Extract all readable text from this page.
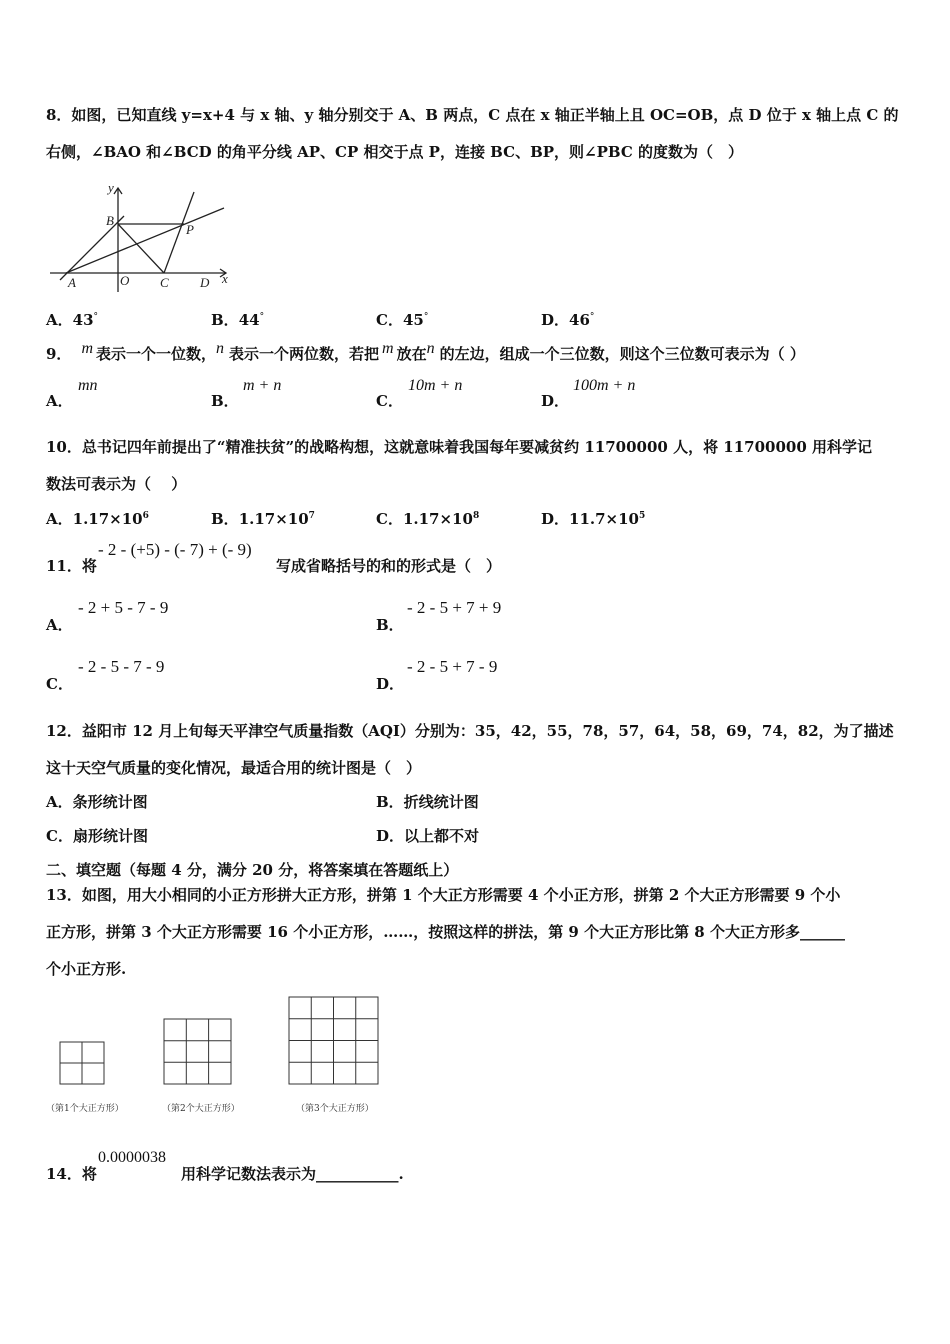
8．如图，已知直线 y=x+4 与 x 轴、y 轴分别交于 A、B 两点，C 点在 x 轴正半轴上且 OC=OB，点 D 位于 x 轴上点 C 的
右侧，∠BAO 和∠BCD 的角平分线 AP、CP 相交于点 P，连接 BC、BP，则∠PBC 的度数为（　）
y
x
A
B
O C D
P
A．43°	B．44°	C．45°	D．46°
9． m 表示一个一位数，n 表示一个两位数，若把 m 放在n 的左边，组成一个三位数，则这个三位数可表示为（ ）
A．
mn
B．
m + n
C．
10m + n
D．
100m + n
10．总书记四年前提出了“精准扶贫”的战略构想，这就意味着我国每年要减贫约 11700000 人，将 11700000 用科学记
数法可表示为（　 ）
A．$1.17\times 10^6$	B．$1.17\times 10^7$	C．$1.17\times 10^8$	D．$11.7\times 10^5$
11．将
- 2 - (+5) - (- 7) + (- 9)
写成省略括号的和的形式是（　）
A．
- 2 + 5 - 7 - 9
B．
- 2 - 5 + 7 + 9
C．
- 2 - 5 - 7 - 9
D．
- 2 - 5 + 7 - 9
12．益阳市 12 月上旬每天平津空气质量指数（AQI）分别为：35，42，55，78，57，64，58，69，74，82，为了描述
这十天空气质量的变化情况，最适合用的统计图是（　）
A．条形统计图	B．折线统计图
C．扇形统计图	D．以上都不对
二、填空题（每题 4 分，满分 20 分，将答案填在答题纸上）
13．如图，用大小相同的小正方形拼大正方形，拼第 1 个大正方形需要 4 个小正方形，拼第 2 个大正方形需要 9 个小
正方形，拼第 3 个大正方形需要 16 个小正方形，……，按照这样的拼法，第 9 个大正方形比第 8 个大正方形多______
个小正方形.
（第1个大正方形）	（第2个大正方形）	（第3个大正方形）
14．将
0.0000038
用科学记数法表示为___________.
